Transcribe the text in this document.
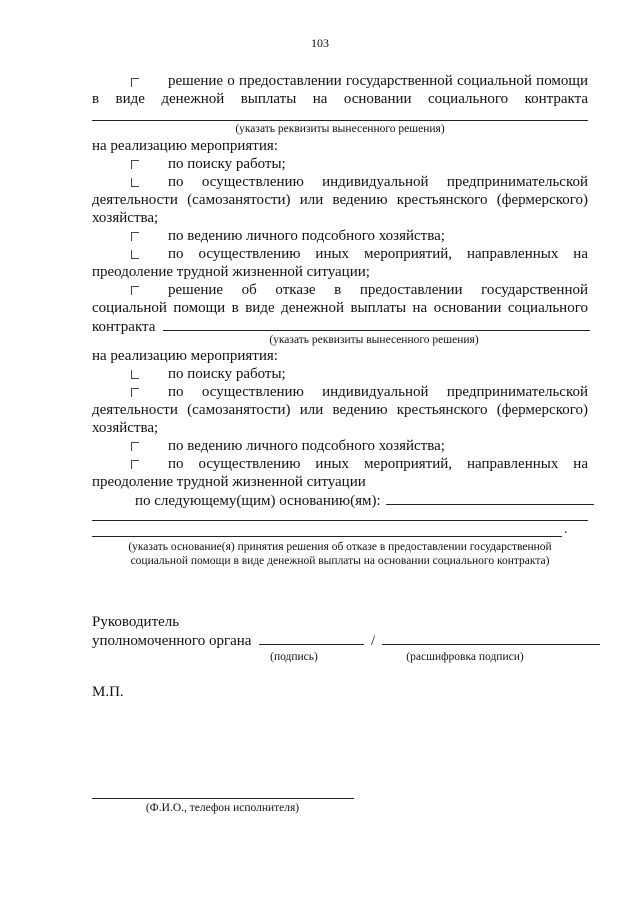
103
решение о предоставлении государственной социальной помощи
в виде денежной выплаты на основании социального контракта
(указать реквизиты вынесенного решения)
на реализацию мероприятия:
по поиску работы;
по осуществлению индивидуальной предпринимательской
деятельности (самозанятости) или ведению крестьянского (фермерского)
хозяйства;
по ведению личного подсобного хозяйства;
по осуществлению иных мероприятий, направленных на
преодоление трудной жизненной ситуации;
решение об отказе в предоставлении государственной
социальной помощи в виде денежной выплаты на основании социального
контракта
(указать реквизиты вынесенного решения)
на реализацию мероприятия:
по поиску работы;
по осуществлению индивидуальной предпринимательской
деятельности (самозанятости) или ведению крестьянского (фермерского)
хозяйства;
по ведению личного подсобного хозяйства;
по осуществлению иных мероприятий, направленных на
преодоление трудной жизненной ситуации
по следующему(щим) основанию(ям):
.
(указать основание(я) принятия решения об отказе в предоставлении государственной
социальной помощи в виде денежной выплаты на основании социального контракта)
Руководитель
уполномоченного органа	/
(подпись)	(расшифровка подписи)
М.П.
(Ф.И.О., телефон исполнителя)
